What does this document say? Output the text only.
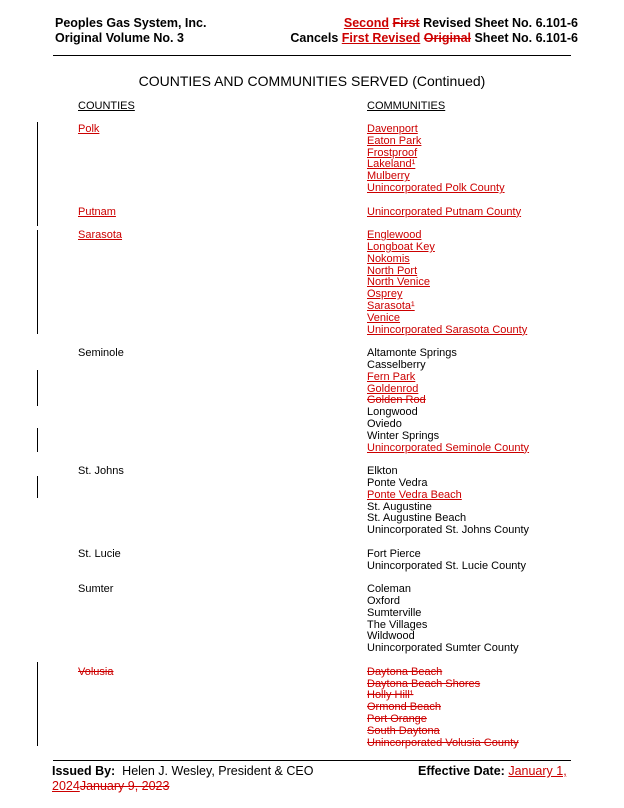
Peoples Gas System, Inc.
Original Volume No. 3
Second First Revised Sheet No. 6.101-6
Cancels First Revised Original Sheet No. 6.101-6
COUNTIES AND COMMUNITIES SERVED (Continued)
COUNTIES	COMMUNITIES
Polk	Davenport
Eaton Park
Frostproof
Lakeland¹
Mulberry
Unincorporated Polk County
Putnam	Unincorporated Putnam County
Sarasota	Englewood
Longboat Key
Nokomis
North Port
North Venice
Osprey
Sarasota¹
Venice
Unincorporated Sarasota County
Seminole	Altamonte Springs
Casselberry
Fern Park
Goldenrod
Golden Rod
Longwood
Oviedo
Winter Springs
Unincorporated Seminole County
St. Johns	Elkton
Ponte Vedra
Ponte Vedra Beach
St. Augustine
St. Augustine Beach
Unincorporated St. Johns County
St. Lucie	Fort Pierce
Unincorporated St. Lucie County
Sumter	Coleman
Oxford
Sumterville
The Villages
Wildwood
Unincorporated Sumter County
Volusia	Daytona Beach
Daytona Beach Shores
Holly Hill¹
Ormond Beach
Port Orange
South Daytona
Unincorporated Volusia County
Issued By: Helen J. Wesley, President & CEO	Effective Date: January 1,
2024January 9, 2023
